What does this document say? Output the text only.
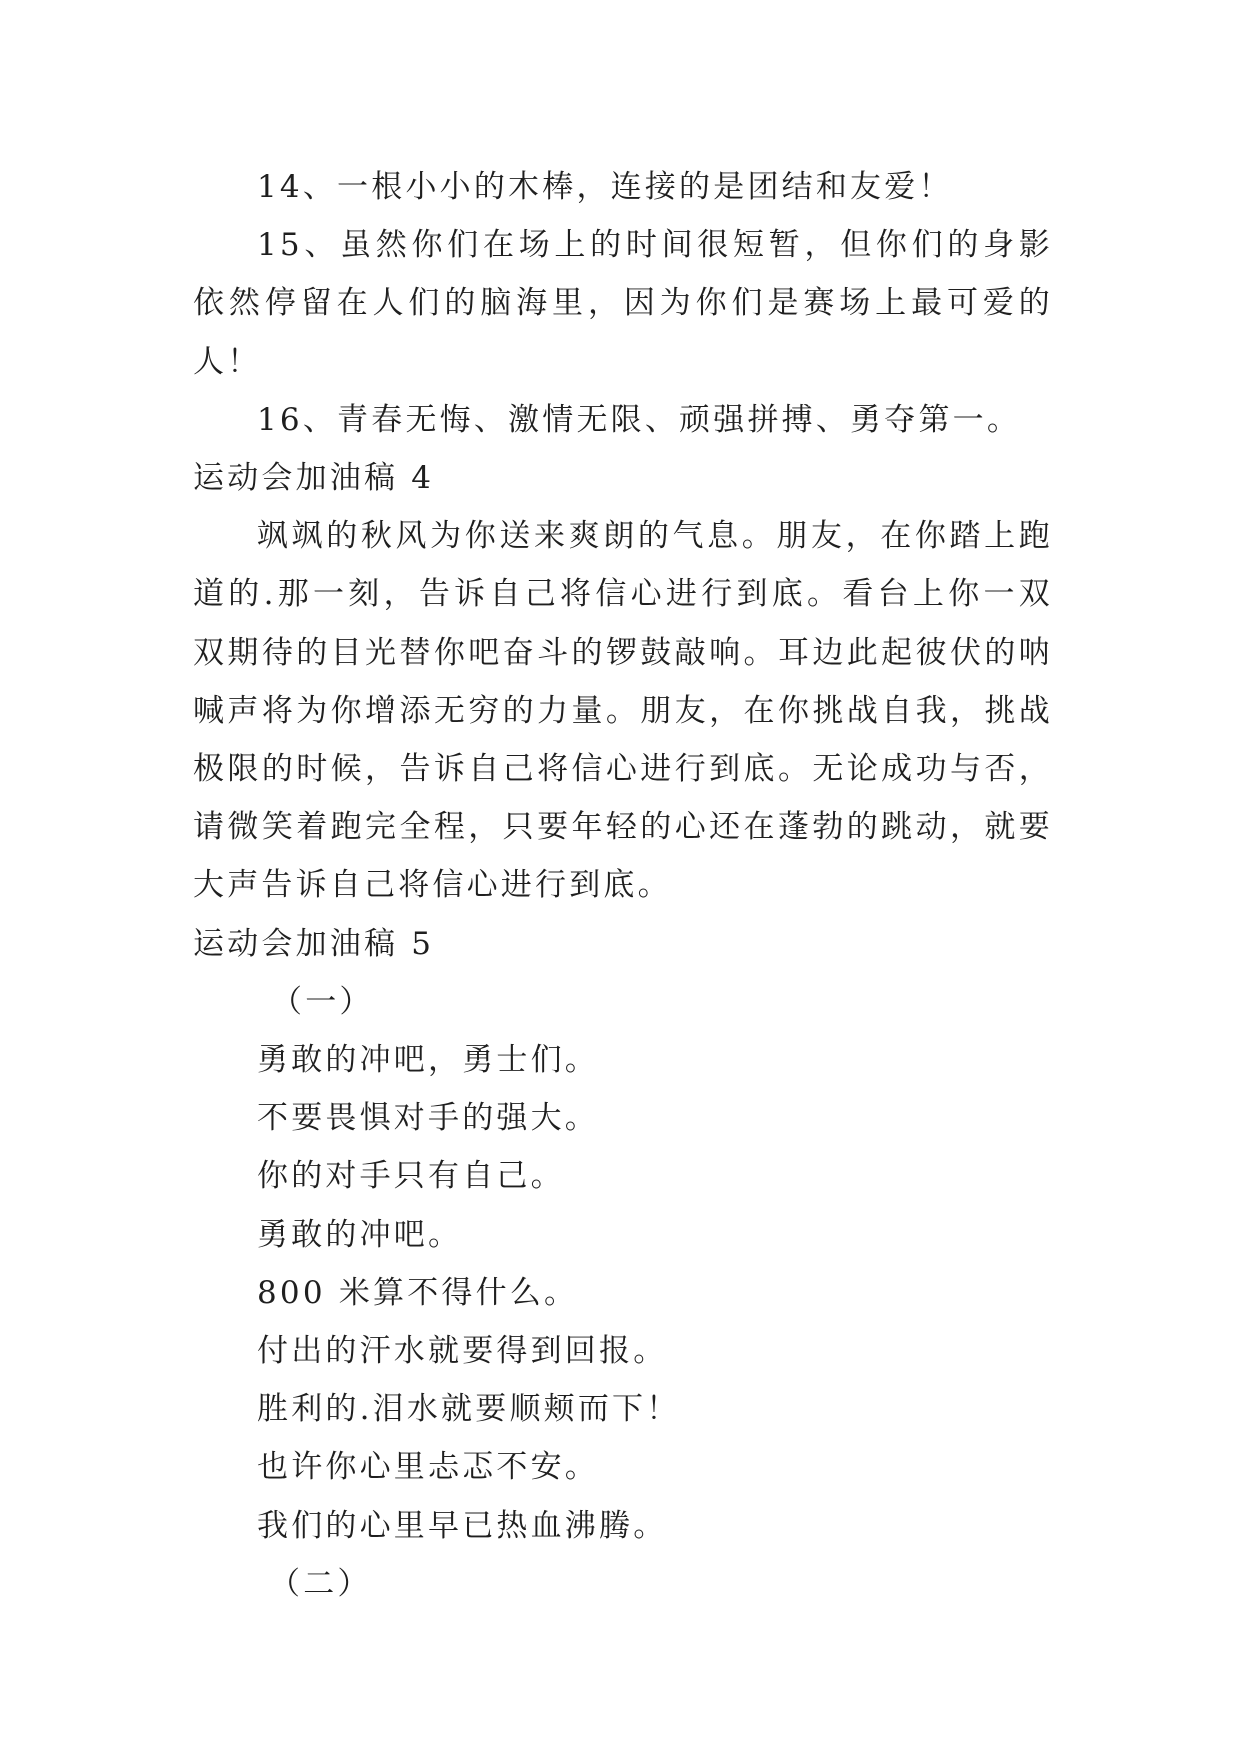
14、一根小小的木棒，连接的是团结和友爱！

15、虽然你们在场上的时间很短暂，但你们的身影依然停留在人们的脑海里，因为你们是赛场上最可爱的人！

16、青春无悔、激情无限、顽强拼搏、勇夺第一。

运动会加油稿 4

飒飒的秋风为你送来爽朗的气息。朋友，在你踏上跑道的.那一刻，告诉自己将信心进行到底。看台上你一双双期待的目光替你吧奋斗的锣鼓敲响。耳边此起彼伏的呐喊声将为你增添无穷的力量。朋友，在你挑战自我，挑战极限的时候，告诉自己将信心进行到底。无论成功与否，请微笑着跑完全程，只要年轻的心还在蓬勃的跳动，就要大声告诉自己将信心进行到底。

运动会加油稿 5

（一）

勇敢的冲吧，勇士们。

不要畏惧对手的强大。

你的对手只有自己。

勇敢的冲吧。

800 米算不得什么。

付出的汗水就要得到回报。

胜利的.泪水就要顺颊而下！

也许你心里忐忑不安。

我们的心里早已热血沸腾。

（二）
